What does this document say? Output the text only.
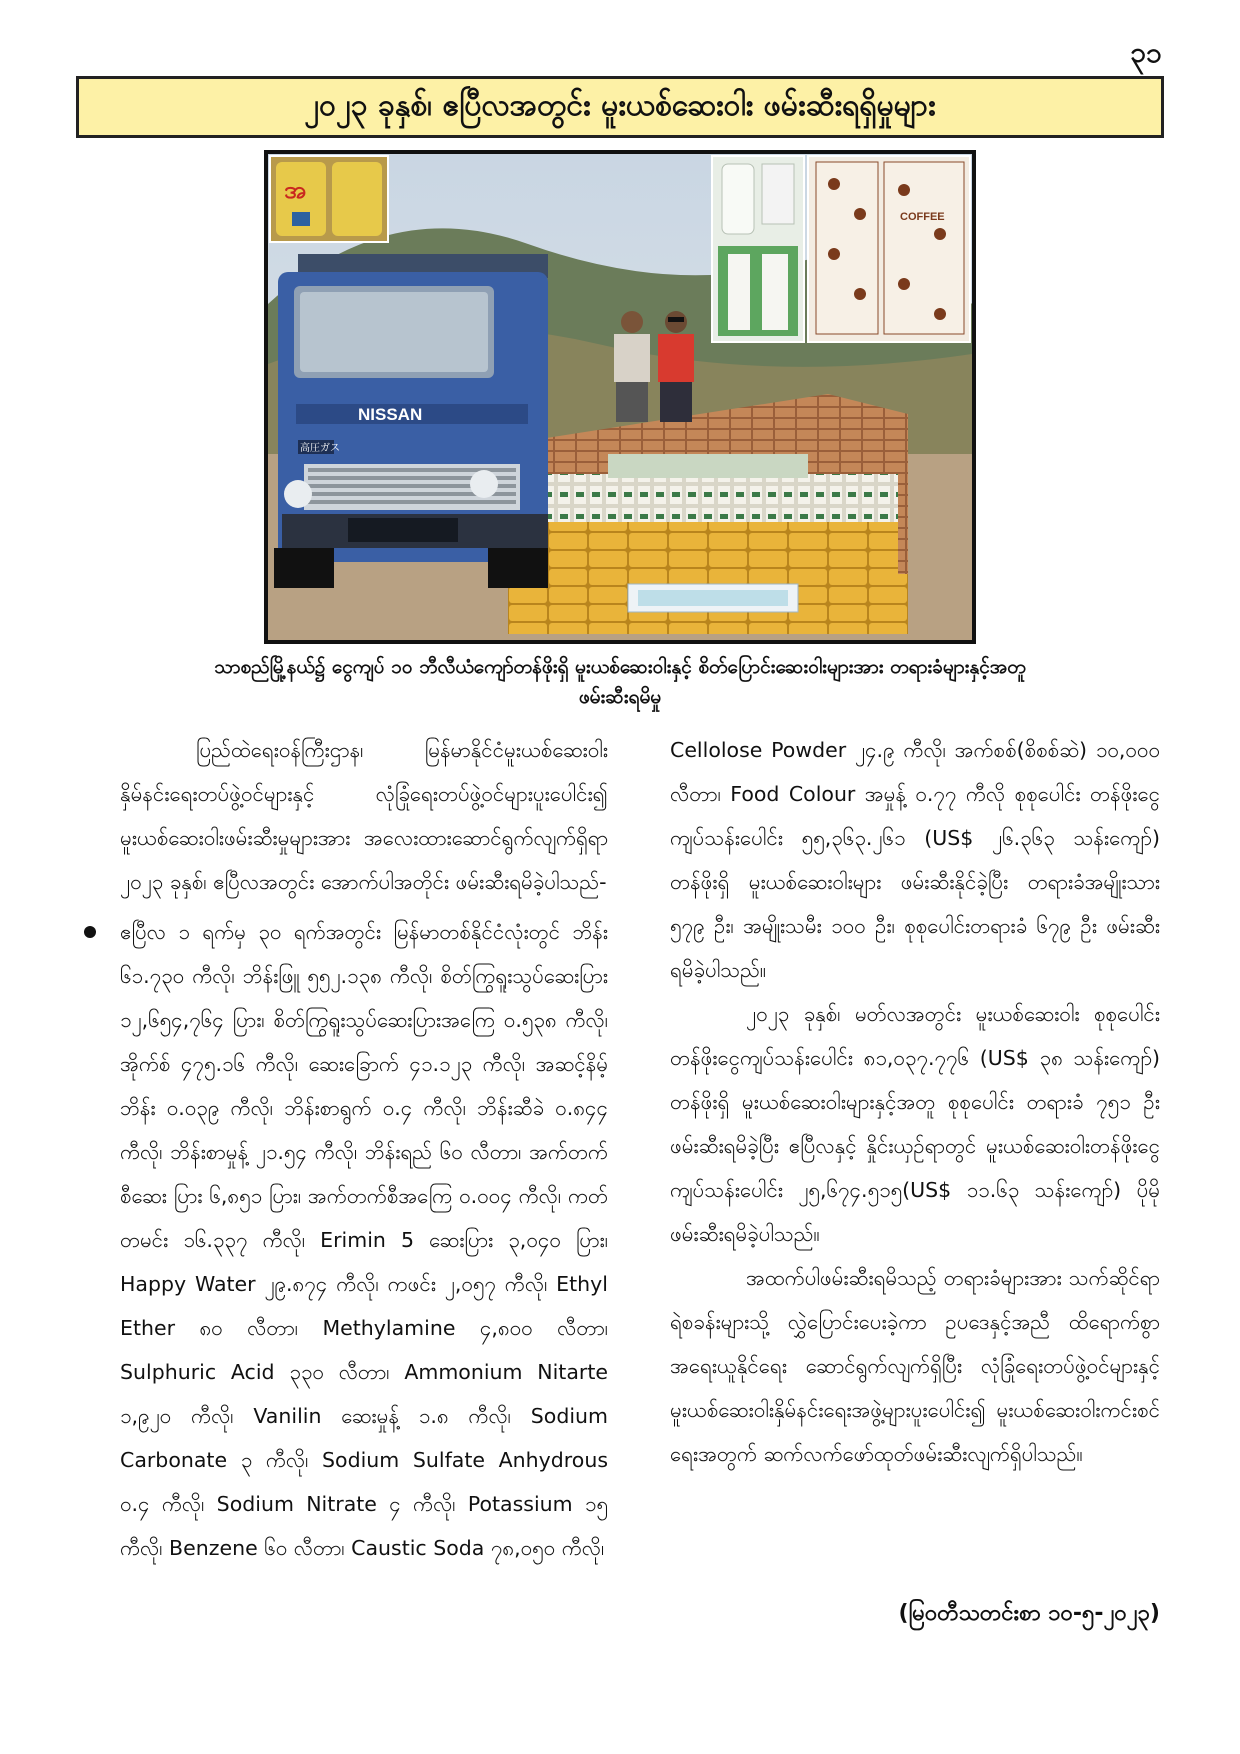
၃၁
၂၀၂၃ ခုနှစ်၊ ဧပြီလအတွင်း မူးယစ်ဆေးဝါး ဖမ်းဆီးရရှိမှုများ
NISSAN
高圧ガス
အ
COFFEE
သာစည်မြို့နယ်၌ ငွေကျပ် ၁၀ ဘီလီယံကျော်တန်ဖိုးရှိ မူးယစ်ဆေးဝါးနှင့် စိတ်ပြောင်းဆေးဝါးများအား တရားခံများနှင့်အတူ
ဖမ်းဆီးရမိမှု

ပြည်ထဲရေးဝန်ကြီးဌာန၊ မြန်မာနိုင်ငံမူးယစ်ဆေးဝါး နှိမ်နင်းရေးတပ်ဖွဲ့ဝင်များနှင့် လုံခြုံရေးတပ်ဖွဲ့ဝင်များပူးပေါင်း၍ မူးယစ်ဆေးဝါးဖမ်းဆီးမှုများအား အလေးထားဆောင်ရွက်လျက်ရှိရာ ၂၀၂၃ ခုနှစ်၊ ဧပြီလအတွင်း အောက်ပါအတိုင်း ဖမ်းဆီးရမိခဲ့ပါသည်-

ဧပြီလ ၁ ရက်မှ ၃၀ ရက်အတွင်း မြန်မာတစ်နိုင်ငံလုံးတွင် ဘိန်း ၆၁.၇၃၀ ကီလို၊ ဘိန်းဖြူ ၅၅၂.၁၃၈ ကီလို၊ စိတ်ကြွရူးသွပ်ဆေးပြား ၁၂,၆၅၄,၇၆၄ ပြား၊ စိတ်ကြွရူးသွပ်ဆေးပြားအကြေ ၀.၅၃၈ ကီလို၊ အိုက်စ် ၄၇၅.၁၆ ကီလို၊ ဆေးခြောက် ၄၁.၁၂၃ ကီလို၊ အဆင့်နိမ့်ဘိန်း ၀.၀၃၉ ကီလို၊ ဘိန်းစာရွက် ၀.၄ ကီလို၊ ဘိန်းဆီခဲ ၀.၈၄၄ ကီလို၊ ဘိန်းစာမှုန့် ၂၁.၅၄ ကီလို၊ ဘိန်းရည် ၆၀ လီတာ၊ အက်တက်စီဆေး ပြား ၆,၈၅၁ ပြား၊ အက်တက်စီအကြေ ၀.၀၀၄ ကီလို၊ ကတ်တမင်း ၁၆.၃၃၇ ကီလို၊ Erimin 5 ဆေးပြား ၃,၀၄၀ ပြား၊ Happy Water ၂၉.၈၇၄ ကီလို၊ ကဖင်း ၂,၀၅၇ ကီလို၊ Ethyl Ether ၈၀ လီတာ၊ Methylamine ၄,၈၀၀ လီတာ၊ Sulphuric Acid ၃၃၀ လီတာ၊ Ammonium Nitarte ၁,၉၂၀ ကီလို၊ Vanilin ဆေးမှုန့် ၁.၈ ကီလို၊ Sodium Carbonate ၃ ကီလို၊ Sodium Sulfate Anhydrous ၀.၄ ကီလို၊ Sodium Nitrate ၄ ကီလို၊ Potassium ၁၅ ကီလို၊ Benzene ၆၀ လီတာ၊ Caustic Soda ၇၈,၀၅၀ ကီလို၊

Cellolose Powder ၂၄.၉ ကီလို၊ အက်စစ်(စိစစ်ဆဲ) ၁၀,၀၀၀ လီတာ၊ Food Colour အမှုန့် ၀.၇၇ ကီလို စုစုပေါင်း တန်ဖိုးငွေကျပ်သန်းပေါင်း ၅၅,၃၆၃.၂၆၁ (US$ ၂၆.၃၆၃ သန်းကျော်) တန်ဖိုးရှိ မူးယစ်ဆေးဝါးများ ဖမ်းဆီးနိုင်ခဲ့ပြီး တရားခံအမျိုးသား ၅၇၉ ဦး၊ အမျိုးသမီး ၁၀၀ ဦး၊ စုစုပေါင်းတရားခံ ၆၇၉ ဦး ဖမ်းဆီးရမိခဲ့ပါသည်။

၂၀၂၃ ခုနှစ်၊ မတ်လအတွင်း မူးယစ်ဆေးဝါး စုစုပေါင်းတန်ဖိုးငွေကျပ်သန်းပေါင်း ၈၁,၀၃၇.၇၇၆ (US$ ၃၈ သန်းကျော်) တန်ဖိုးရှိ မူးယစ်ဆေးဝါးများနှင့်အတူ စုစုပေါင်း တရားခံ ၇၅၁ ဦးဖမ်းဆီးရမိခဲ့ပြီး ဧပြီလနှင့် နှိုင်းယှဉ်ရာတွင် မူးယစ်ဆေးဝါးတန်ဖိုးငွေ ကျပ်သန်းပေါင်း ၂၅,၆၇၄.၅၁၅(US$ ၁၁.၆၃ သန်းကျော်) ပိုမိုဖမ်းဆီးရမိခဲ့ပါသည်။

အထက်ပါဖမ်းဆီးရမိသည့် တရားခံများအား သက်ဆိုင်ရာရဲစခန်းများသို့ လွှဲပြောင်းပေးခဲ့ကာ ဥပဒေနှင့်အညီ ထိရောက်စွာအရေးယူနိုင်ရေး ဆောင်ရွက်လျက်ရှိပြီး လုံခြုံရေးတပ်ဖွဲ့ဝင်များနှင့် မူးယစ်ဆေးဝါးနှိမ်နင်းရေးအဖွဲ့များပူးပေါင်း၍ မူးယစ်ဆေးဝါးကင်းစင်ရေးအတွက် ဆက်လက်ဖော်ထုတ်ဖမ်းဆီးလျက်ရှိပါသည်။

(မြဝတီသတင်းစာ ၁၀-၅-၂၀၂၃)
